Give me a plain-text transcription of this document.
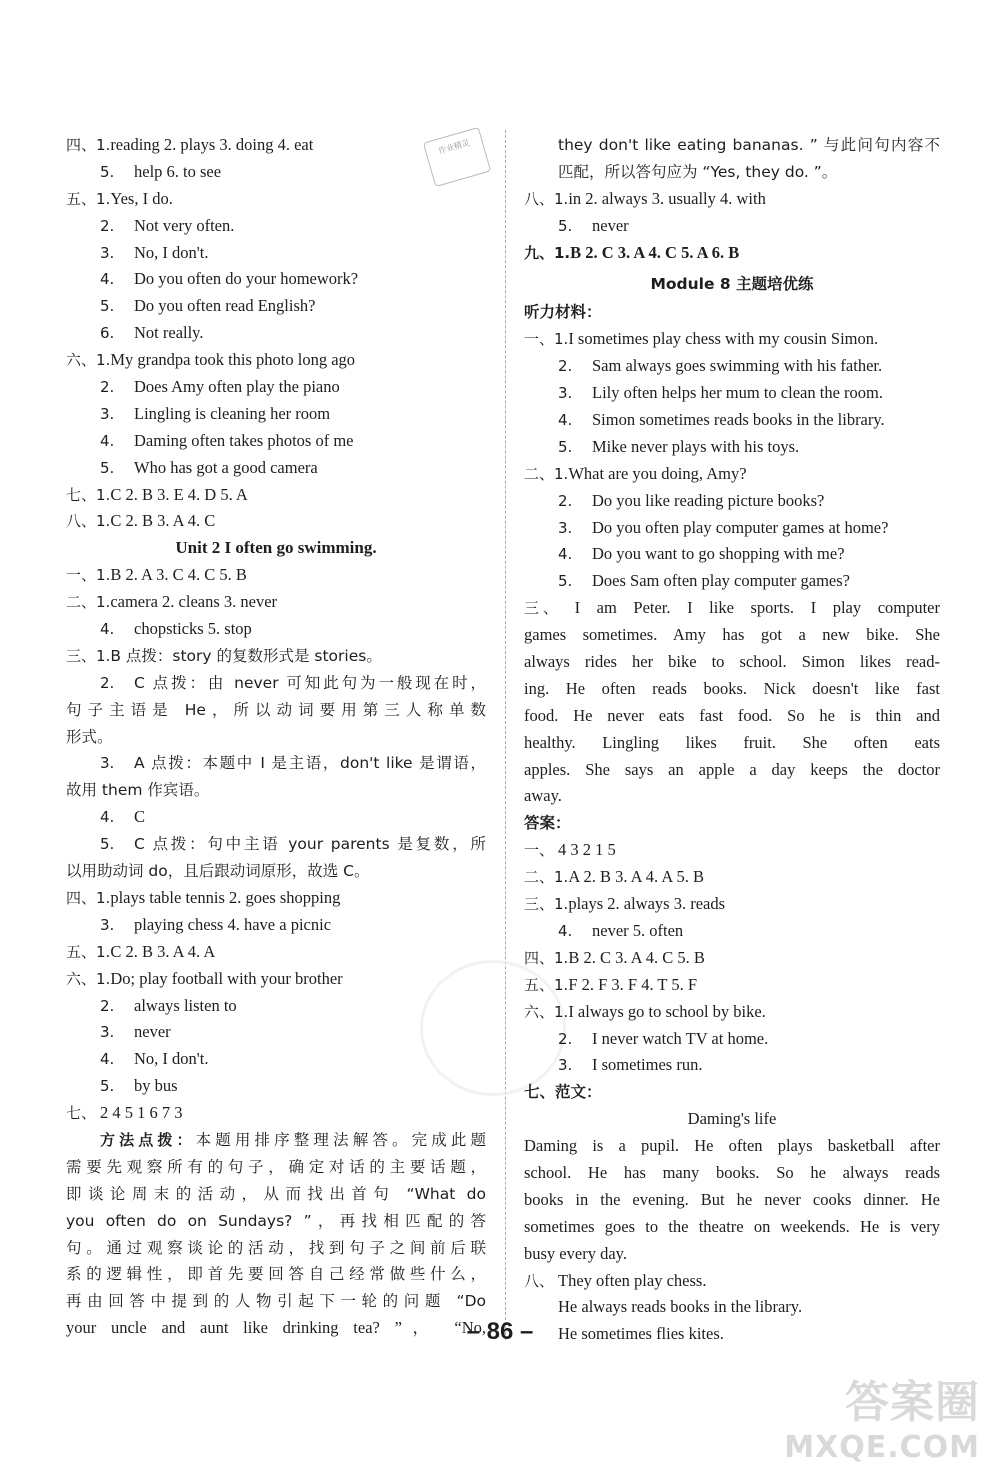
作业精灵
四、1.reading 2. plays 3. doing 4. eat
5. help 6. to see
五、1.Yes, I do.
2. Not very often.
3. No, I don't.
4. Do you often do your homework?
5. Do you often read English?
6. Not really.
六、1.My grandpa took this photo long ago
2. Does Amy often play the piano
3. Lingling is cleaning her room
4. Daming often takes photos of me
5. Who has got a good camera
七、1.C 2. B 3. E 4. D 5. A
八、1.C 2. B 3. A 4. C
Unit 2 I often go swimming.
一、1.B 2. A 3. C 4. C 5. B
二、1.camera 2. cleans 3. never
4. chopsticks 5. stop
三、1.B 点拨：story 的复数形式是 stories。
2. C 点拨：由 never 可知此句为一般现在时，
句子主语是 He，所以动词要用第三人称单数
形式。
3. A 点拨：本题中 I 是主语，don't like 是谓语，
故用 them 作宾语。
4. C
5. C 点拨：句中主语 your parents 是复数，所
以用助动词 do，且后跟动词原形，故选 C。
四、1.plays table tennis 2. goes shopping
3. playing chess 4. have a picnic
五、1.C 2. B 3. A 4. A
六、1.Do; play football with your brother
2. always listen to
3. never
4. No, I don't.
5. by bus
七、 2 4 5 1 6 7 3
方法点拨：本题用排序整理法解答。完成此题
需要先观察所有的句子，确定对话的主要话题，
即谈论周末的活动，从而找出首句 “What do
you often do on Sundays? ”，再找相匹配的答
句。通过观察谈论的活动，找到句子之间前后联
系的逻辑性，即首先要回答自己经常做些什么，
再由回答中提到的人物引起下一轮的问题 “Do
your uncle and aunt like drinking tea? ”， “No,
they don't like eating bananas. ” 与此问句内容不
匹配，所以答句应为 “Yes, they do. ”。
八、1.in 2. always 3. usually 4. with
5. never
九、1.B 2. C 3. A 4. C 5. A 6. B
Module 8 主题培优练
听力材料：
一、1.I sometimes play chess with my cousin Simon.
2. Sam always goes swimming with his father.
3. Lily often helps her mum to clean the room.
4. Simon sometimes reads books in the library.
5. Mike never plays with his toys.
二、1.What are you doing, Amy?
2. Do you like reading picture books?
3. Do you often play computer games at home?
4. Do you want to go shopping with me?
5. Does Sam often play computer games?
三、 I am Peter. I like sports. I play computer
games sometimes. Amy has got a new bike. She
always rides her bike to school. Simon likes read-
ing. He often reads books. Nick doesn't like fast
food. He never eats fast food. So he is thin and
healthy. Lingling likes fruit. She often eats
apples. She says an apple a day keeps the doctor
away.
答案：
一、 4 3 2 1 5
二、1.A 2. B 3. A 4. A 5. B
三、1.plays 2. always 3. reads
4. never 5. often
四、1.B 2. C 3. A 4. C 5. B
五、1.F 2. F 3. F 4. T 5. F
六、1.I always go to school by bike.
2. I never watch TV at home.
3. I sometimes run.
七、范文：
Daming's life
Daming is a pupil. He often plays basketball after
school. He has many books. So he always reads
books in the evening. But he never cooks dinner. He
sometimes goes to the theatre on weekends. He is very
busy every day.
八、 They often play chess.
He always reads books in the library.
He sometimes flies kites.
– 86 –
答案圈
MXQE.COM
